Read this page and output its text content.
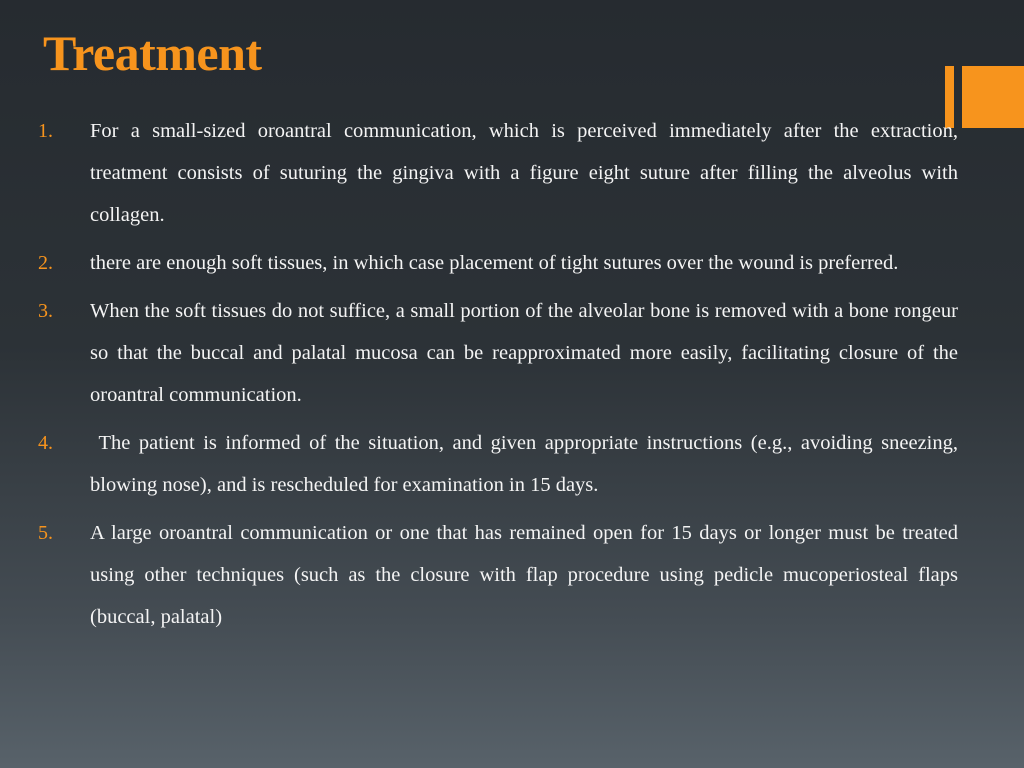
Treatment
1.	For a small-sized oroantral communication, which is perceived immediately after the extraction, treatment consists of suturing the gingiva with a figure eight suture after filling the alveolus with collagen.
2.	there are enough soft tissues, in which case placement of tight sutures over the wound is preferred.
3.	When the soft tissues do not suffice, a small portion of the alveolar bone is removed with a bone rongeur so that the buccal and palatal mucosa can be reapproximated more easily, facilitating closure of the oroantral communication.
4.	The patient is informed of the situation, and given appropriate instructions (e.g., avoiding sneezing, blowing nose), and is rescheduled for examination in 15 days.
5.	A large oroantral communication or one that has remained open for 15 days or longer must be treated using other techniques (such as the closure with flap procedure using pedicle mucoperiosteal flaps (buccal, palatal)
